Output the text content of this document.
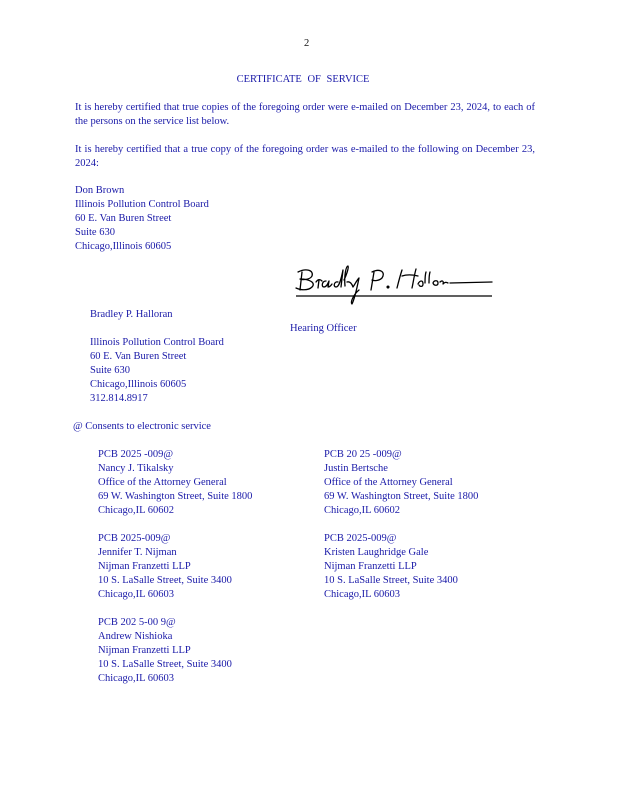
2
CERTIFICATE OF SERVICE
It is hereby certified that true copies of the foregoing order were e-mailed on December 23, 2024, to each of the persons on the service list below.
It is hereby certified that a true copy of the foregoing order was e-mailed to the following on December 23, 2024:
Don Brown
Illinois Pollution Control Board
60 E. Van Buren Street
Suite 630
Chicago,Illinois 60605
Bradley P. Halloran
Bradley P. Halloran
Hearing Officer
Illinois Pollution Control Board
60 E. Van Buren Street
Suite 630
Chicago,Illinois 60605
312.814.8917
@ Consents to electronic service
PCB 2025 -009@
Nancy J. Tikalsky
Office of the Attorney General
69 W. Washington Street, Suite 1800
Chicago,IL 60602
PCB 20 25 -009@
Justin Bertsche
Office of the Attorney General
69 W. Washington Street, Suite 1800
Chicago,IL 60602
PCB 2025-009@
Jennifer T. Nijman
Nijman Franzetti LLP
10 S. LaSalle Street, Suite 3400
Chicago,IL 60603
PCB 2025-009@
Kristen Laughridge Gale
Nijman Franzetti LLP
10 S. LaSalle Street, Suite 3400
Chicago,IL 60603
PCB 202 5-00 9@
Andrew Nishioka
Nijman Franzetti LLP
10 S. LaSalle Street, Suite 3400
Chicago,IL 60603
